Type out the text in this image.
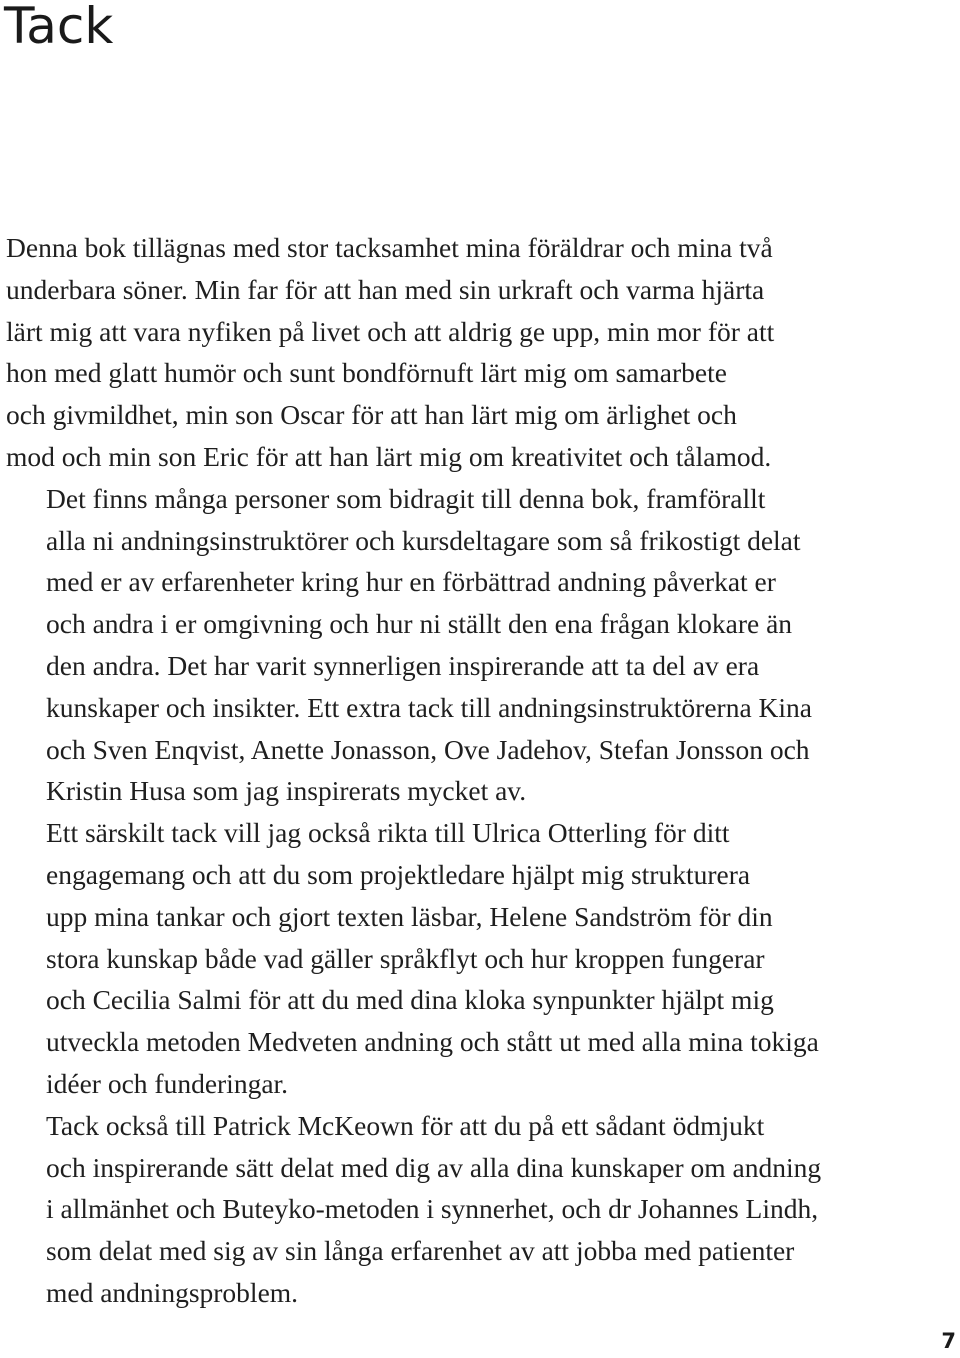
Tack

Denna bok tillägnas med stor tacksamhet mina föräldrar och mina två
underbara söner. Min far för att han med sin urkraft och varma hjärta
lärt mig att vara nyfiken på livet och att aldrig ge upp, min mor för att
hon med glatt humör och sunt bondförnuft lärt mig om samarbete
och givmildhet, min son Oscar för att han lärt mig om ärlighet och
mod och min son Eric för att han lärt mig om kreativitet och tålamod.

Det finns många personer som bidragit till denna bok, framförallt
alla ni andningsinstruktörer och kursdeltagare som så frikostigt delat
med er av erfarenheter kring hur en förbättrad andning påverkat er
och andra i er omgivning och hur ni ställt den ena frågan klokare än
den andra. Det har varit synnerligen inspirerande att ta del av era
kunskaper och insikter. Ett extra tack till andningsinstruktörerna Kina
och Sven Enqvist, Anette Jonasson, Ove Jadehov, Stefan Jonsson och
Kristin Husa som jag inspirerats mycket av.

Ett särskilt tack vill jag också rikta till Ulrica Otterling för ditt
engagemang och att du som projektledare hjälpt mig strukturera
upp mina tankar och gjort texten läsbar, Helene Sandström för din
stora kunskap både vad gäller språkflyt och hur kroppen fungerar
och Cecilia Salmi för att du med dina kloka synpunkter hjälpt mig
utveckla metoden Medveten andning och stått ut med alla mina tokiga
idéer och funderingar.

Tack också till Patrick McKeown för att du på ett sådant ödmjukt
och inspirerande sätt delat med dig av alla dina kunskaper om andning
i allmänhet och Buteyko-metoden i synnerhet, och dr Johannes Lindh,
som delat med sig av sin långa erfarenhet av att jobba med patienter
med andningsproblem.

7
